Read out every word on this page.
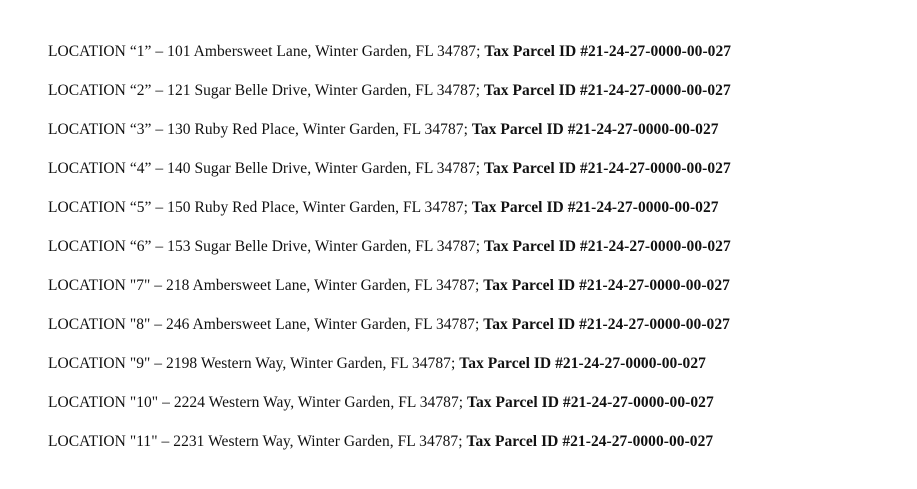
LOCATION “1” – 101 Ambersweet Lane, Winter Garden, FL 34787; Tax Parcel ID #21-24-27-0000-00-027
LOCATION “2” – 121 Sugar Belle Drive, Winter Garden, FL 34787; Tax Parcel ID #21-24-27-0000-00-027
LOCATION “3” – 130 Ruby Red Place, Winter Garden, FL 34787; Tax Parcel ID #21-24-27-0000-00-027
LOCATION “4” – 140 Sugar Belle Drive, Winter Garden, FL 34787; Tax Parcel ID #21-24-27-0000-00-027
LOCATION “5” – 150 Ruby Red Place, Winter Garden, FL 34787; Tax Parcel ID #21-24-27-0000-00-027
LOCATION “6” – 153 Sugar Belle Drive, Winter Garden, FL 34787; Tax Parcel ID #21-24-27-0000-00-027
LOCATION "7" – 218 Ambersweet Lane, Winter Garden, FL 34787; Tax Parcel ID #21-24-27-0000-00-027
LOCATION "8" – 246 Ambersweet Lane, Winter Garden, FL 34787; Tax Parcel ID #21-24-27-0000-00-027
LOCATION "9" – 2198 Western Way, Winter Garden, FL 34787; Tax Parcel ID #21-24-27-0000-00-027
LOCATION "10" – 2224 Western Way, Winter Garden, FL 34787; Tax Parcel ID #21-24-27-0000-00-027
LOCATION "11" – 2231 Western Way, Winter Garden, FL 34787; Tax Parcel ID #21-24-27-0000-00-027
